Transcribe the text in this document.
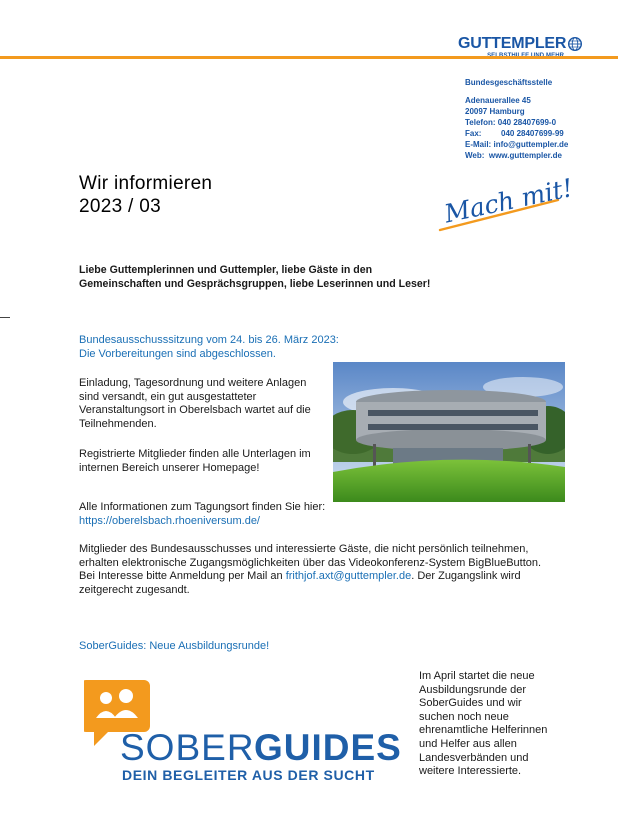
GUTTEMPLER
Bundesgeschäftsstelle
Adenauerallee 45
20097 Hamburg
Telefon: 040 28407699-0
Fax: 040 28407699-99
E-Mail: info@guttempler.de
Web: www.guttempler.de
Wir informieren
2023 / 03	Mach mit!
Liebe Guttemplerinnen und Guttempler, liebe Gäste in den Gemeinschaften und Gesprächsgruppen, liebe Leserinnen und Leser!
Bundesausschusssitzung vom 24. bis 26. März 2023:
Die Vorbereitungen sind abgeschlossen.
Einladung, Tagesordnung und weitere Anlagen sind versandt, ein gut ausgestatteter Veranstaltungsort in Oberelsbach wartet auf die Teilnehmenden.
Registrierte Mitglieder finden alle Unterlagen im internen Bereich unserer Homepage!
Alle Informationen zum Tagungsort finden Sie hier: https://oberelsbach.rhoeniversum.de/
Mitglieder des Bundesausschusses und interessierte Gäste, die nicht persönlich teilnehmen, erhalten elektronische Zugangsmöglichkeiten über das Videokonferenz-System BigBlueButton. Bei Interesse bitte Anmeldung per Mail an frithjof.axt@guttempler.de. Der Zugangslink wird zeitgerecht zugesandt.
SoberGuides: Neue Ausbildungsrunde!
SOBER GUIDES
DEIN BEGLEITER AUS DER SUCHT
Im April startet die neue Ausbildungsrunde der SoberGuides und wir suchen noch neue ehrenamtliche Helferinnen und Helfer aus allen Landesverbänden und weitere Interessierte.
